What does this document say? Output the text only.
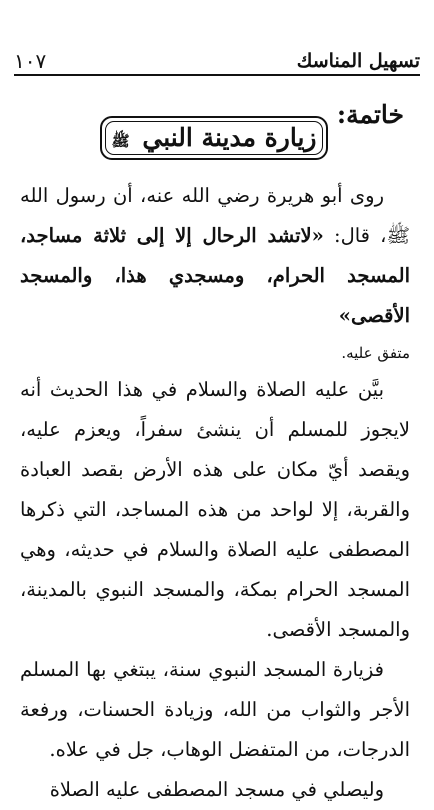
تسهيل المناسك
١٠٧
خاتمة:
زيارة مدينة النبي ﷺ

روى أبو هريرة رضي الله عنه، أن رسول الله ﷺ، قال: «لاتشد الرحال إلا إلى ثلاثة مساجد، المسجد الحرام، ومسجدي هذا، والمسجد الأقصى»

متفق عليه.

بيَّن عليه الصلاة والسلام في هذا الحديث أنه لايجوز للمسلم أن ينشئ سفراً، ويعزم عليه، ويقصد أيّ مكان على هذه الأرض بقصد العبادة والقربة، إلا لواحد من هذه المساجد، التي ذكرها المصطفى عليه الصلاة والسلام في حديثه، وهي المسجد الحرام بمكة، والمسجد النبوي بالمدينة، والمسجد الأقصى.

فزيارة المسجد النبوي سنة، يبتغي بها المسلم الأجر والثواب من الله، وزيادة الحسنات، ورفعة الدرجات، من المتفضل الوهاب، جل في علاه.

وليصلي في مسجد المصطفى عليه الصلاة
